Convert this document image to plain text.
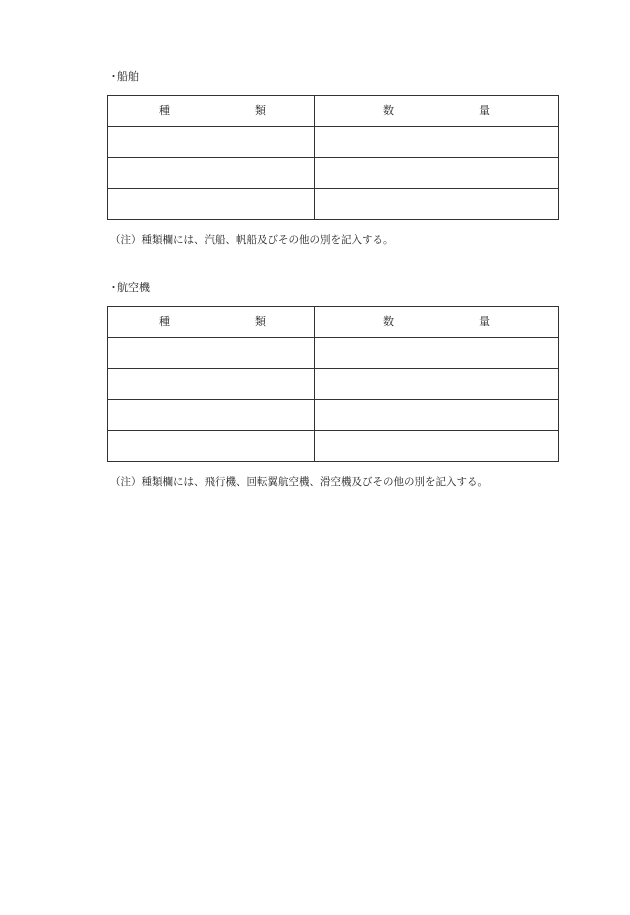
・船舶
種 類	数 量

（注）種類欄には、汽船、帆船及びその他の別を記入する。
・航空機
種 類	数 量

（注）種類欄には、飛行機、回転翼航空機、滑空機及びその他の別を記入する。
